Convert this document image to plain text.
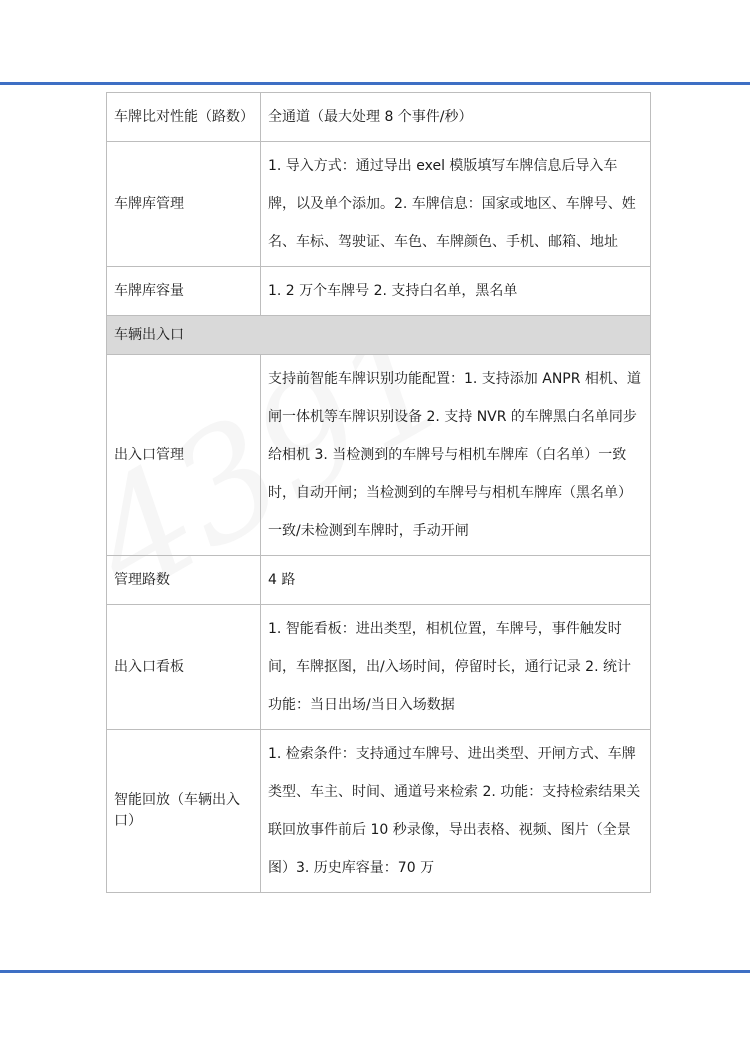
车牌比对性能（路数）	全通道（最大处理 8 个事件/秒）
车牌库管理	1. 导入方式：通过导出 exel 模版填写车牌信息后导入车牌，以及单个添加。2. 车牌信息：国家或地区、车牌号、姓名、车标、驾驶证、车色、车牌颜色、手机、邮箱、地址
车牌库容量	1. 2 万个车牌号 2. 支持白名单，黑名单
车辆出入口	
出入口管理	支持前智能车牌识别功能配置：1. 支持添加 ANPR 相机、道闸一体机等车牌识别设备 2. 支持 NVR 的车牌黑白名单同步给相机 3. 当检测到的车牌号与相机车牌库（白名单）一致时，自动开闸；当检测到的车牌号与相机车牌库（黑名单）一致/未检测到车牌时，手动开闸
管理路数	4 路
出入口看板	1. 智能看板：进出类型，相机位置，车牌号，事件触发时间，车牌抠图，出/入场时间，停留时长，通行记录 2. 统计功能：当日出场/当日入场数据
智能回放（车辆出入口）	1. 检索条件：支持通过车牌号、进出类型、开闸方式、车牌类型、车主、时间、通道号来检索 2. 功能：支持检索结果关联回放事件前后 10 秒录像，导出表格、视频、图片（全景图）3. 历史库容量：70 万
